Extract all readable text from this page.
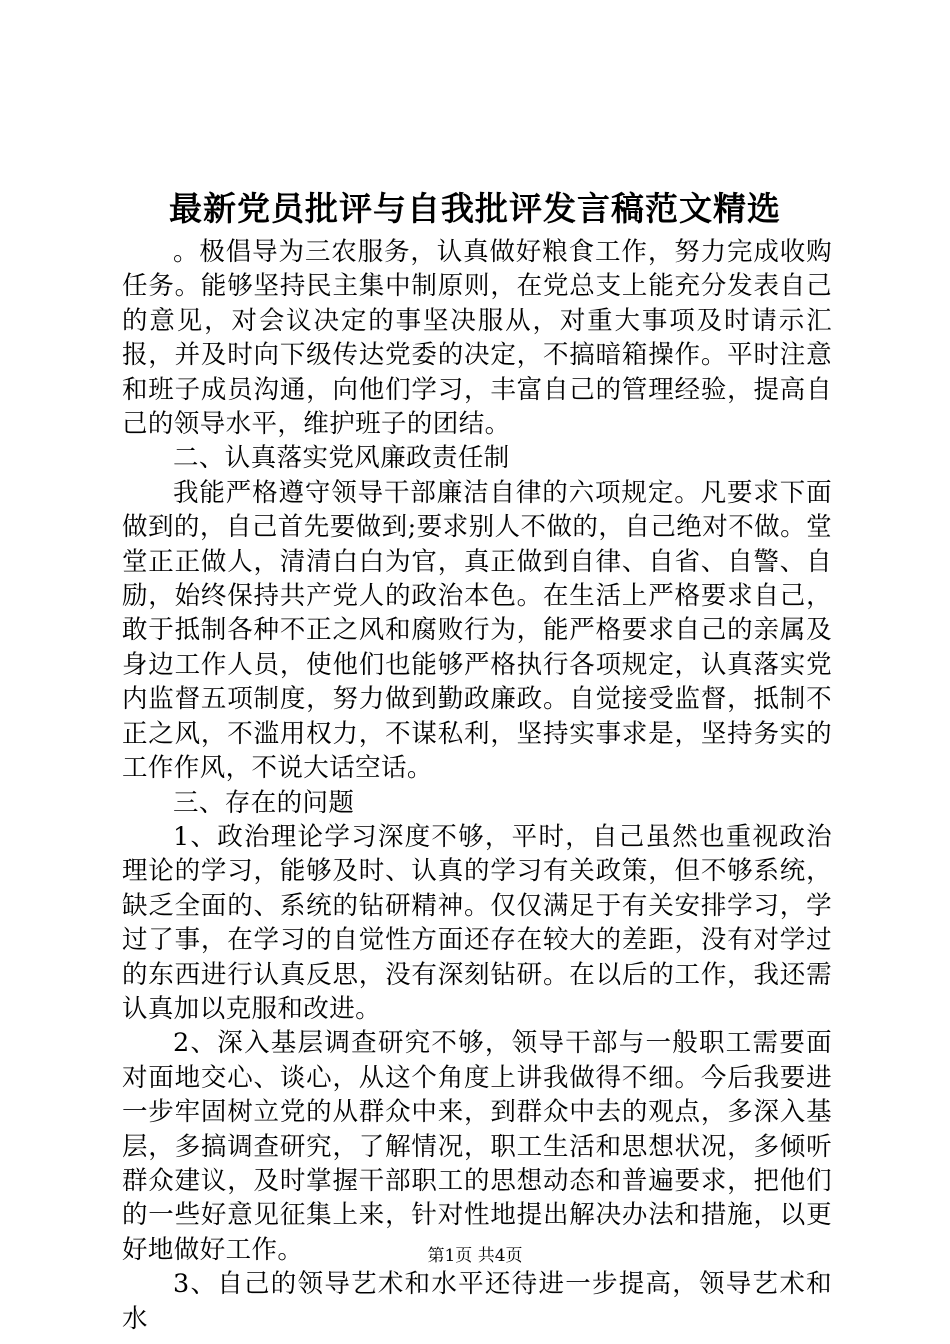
最新党员批评与自我批评发言稿范文精选

。极倡导为三农服务，认真做好粮食工作，努力完成收购任务。能够坚持民主集中制原则，在党总支上能充分发表自己的意见，对会议决定的事坚决服从，对重大事项及时请示汇报，并及时向下级传达党委的决定，不搞暗箱操作。平时注意和班子成员沟通，向他们学习，丰富自己的管理经验，提高自己的领导水平，维护班子的团结。

二、认真落实党风廉政责任制

我能严格遵守领导干部廉洁自律的六项规定。凡要求下面做到的，自己首先要做到;要求别人不做的，自己绝对不做。堂堂正正做人，清清白白为官，真正做到自律、自省、自警、自励，始终保持共产党人的政治本色。在生活上严格要求自己，敢于抵制各种不正之风和腐败行为，能严格要求自己的亲属及身边工作人员，使他们也能够严格执行各项规定，认真落实党内监督五项制度，努力做到勤政廉政。自觉接受监督，抵制不正之风，不滥用权力，不谋私利，坚持实事求是，坚持务实的工作作风，不说大话空话。

三、存在的问题

1、政治理论学习深度不够，平时，自己虽然也重视政治理论的学习，能够及时、认真的学习有关政策，但不够系统，缺乏全面的、系统的钻研精神。仅仅满足于有关安排学习，学过了事，在学习的自觉性方面还存在较大的差距，没有对学过的东西进行认真反思，没有深刻钻研。在以后的工作，我还需认真加以克服和改进。

2、深入基层调查研究不够，领导干部与一般职工需要面对面地交心、谈心，从这个角度上讲我做得不细。今后我要进一步牢固树立党的从群众中来，到群众中去的观点，多深入基层，多搞调查研究，了解情况，职工生活和思想状况，多倾听群众建议，及时掌握干部职工的思想动态和普遍要求，把他们的一些好意见征集上来，针对性地提出解决办法和措施，以更好地做好工作。

3、自己的领导艺术和水平还待进一步提高，领导艺术和水

第1页 共4页
